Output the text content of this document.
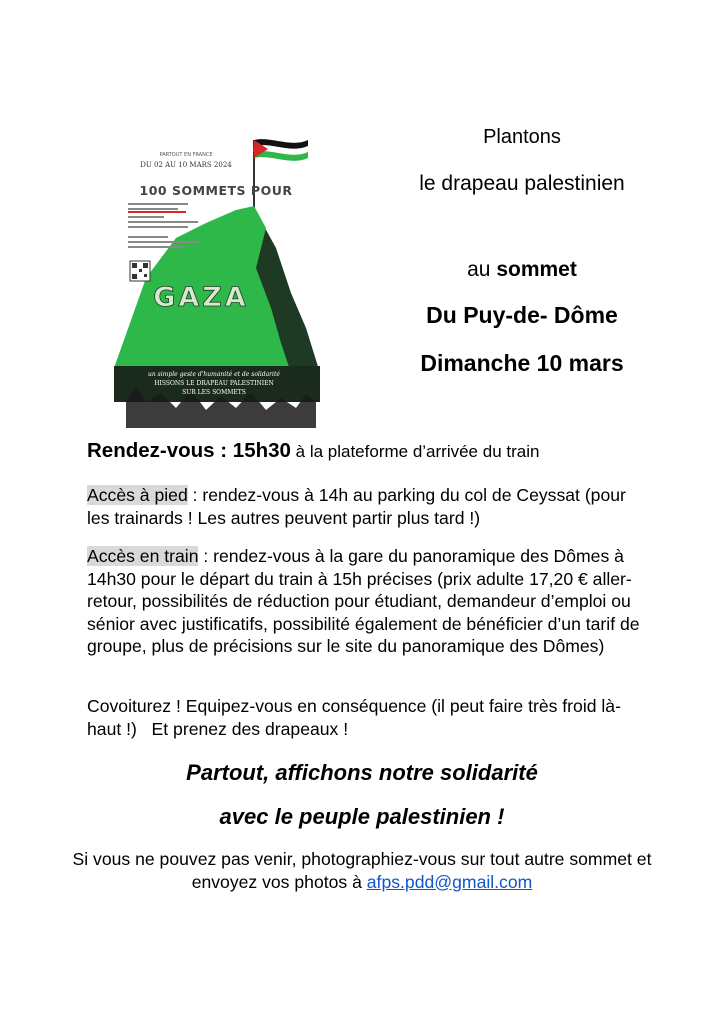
PARTOUT EN FRANCE
DU 02 AU 10 MARS 2024
100 SOMMETS POUR
GAZA
un simple geste d'humanité et de solidarité
HISSONS LE DRAPEAU PALESTINIEN
SUR LES SOMMETS
Plantons
le drapeau palestinien
au sommet
Du Puy-de- Dôme
Dimanche 10 mars
Rendez-vous : 15h30 à la plateforme d’arrivée du train
Accès à pied : rendez-vous à 14h au parking du col de Ceyssat (pour les trainards ! Les autres peuvent partir plus tard !)
Accès en train : rendez-vous à la gare du panoramique des Dômes à 14h30 pour le départ du train à 15h précises (prix adulte 17,20 € aller-retour, possibilités de réduction pour étudiant, demandeur d’emploi ou sénior avec justificatifs, possibilité également de bénéficier d’un tarif de groupe, plus de précisions sur le site du panoramique des Dômes)
Covoiturez ! Equipez-vous en conséquence (il peut faire très froid là-haut !)   Et prenez des drapeaux !
Partout, affichons notre solidarité
avec le peuple palestinien !
Si vous ne pouvez pas venir, photographiez-vous sur tout autre sommet et envoyez vos photos à afps.pdd@gmail.com
